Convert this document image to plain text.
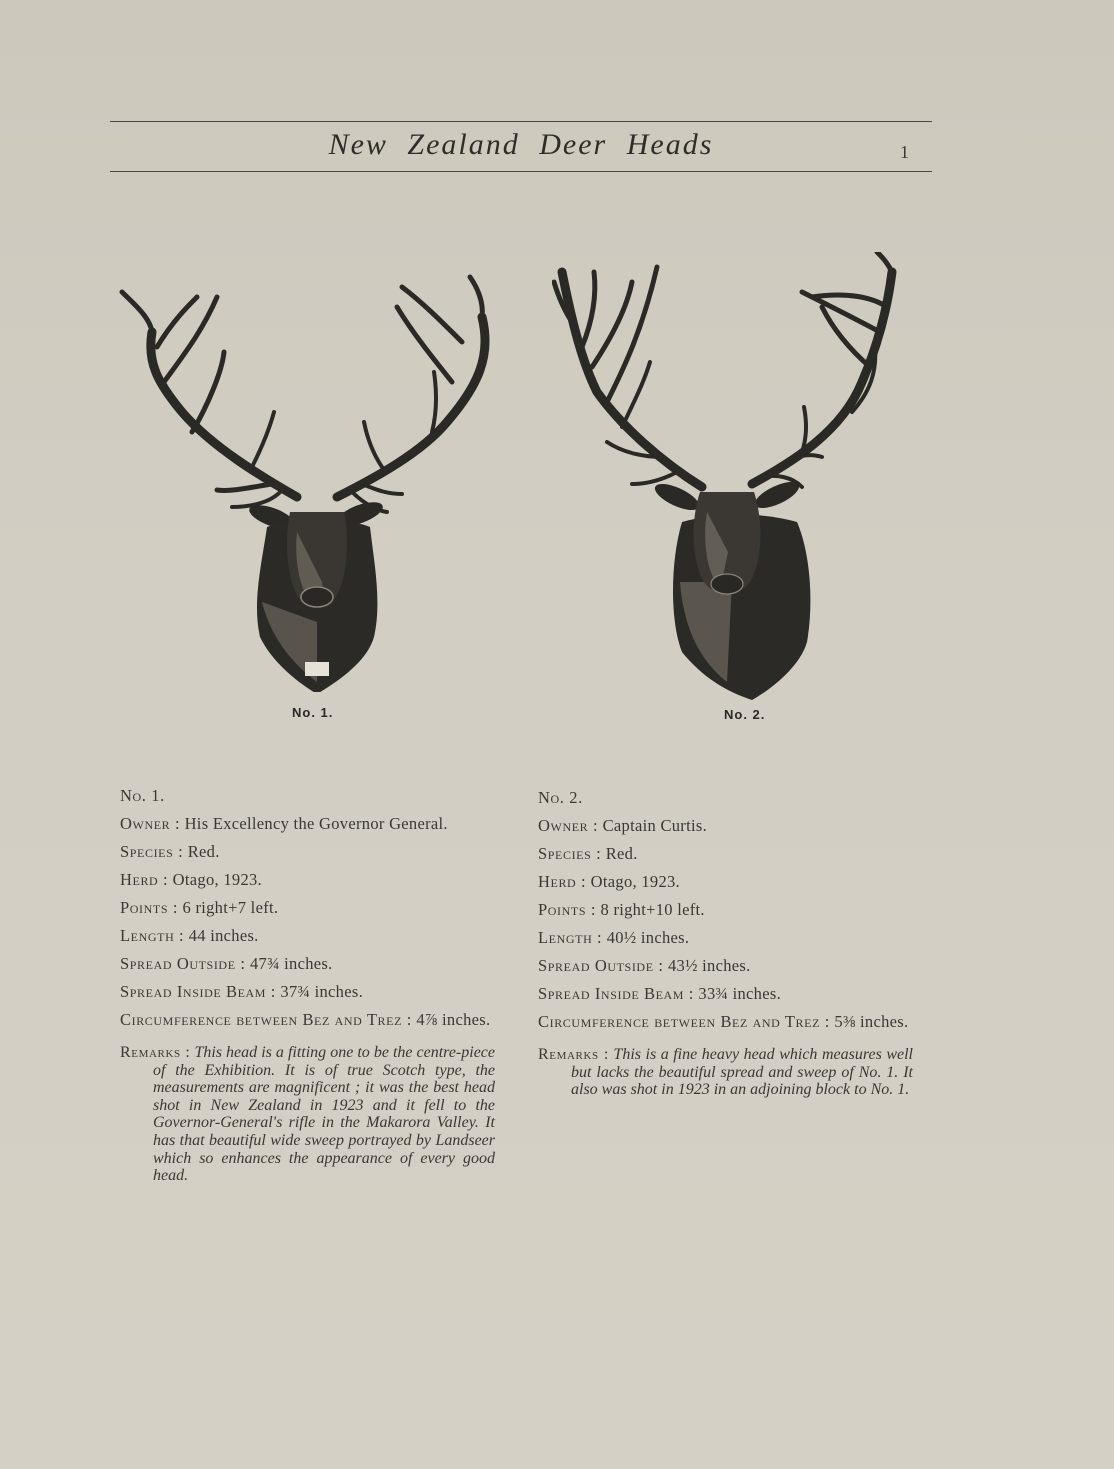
New Zealand Deer Heads	1
No. 1.	No. 2.
No. 1.
Owner : His Excellency the Governor General.
Species : Red.
Herd : Otago, 1923.
Points : 6 right+7 left.
Length : 44 inches.
Spread Outside : 47¾ inches.
Spread Inside Beam : 37¾ inches.
Circumference between Bez and Trez : 4⅞ inches.

Remarks : This head is a fitting one to be the centre-piece of the Exhibition. It is of true Scotch type, the measurements are magnificent ; it was the best head shot in New Zealand in 1923 and it fell to the Governor-General's rifle in the Makarora Valley. It has that beautiful wide sweep portrayed by Landseer which so enhances the appearance of every good head.

No. 2.
Owner : Captain Curtis.
Species : Red.
Herd : Otago, 1923.
Points : 8 right+10 left.
Length : 40½ inches.
Spread Outside : 43½ inches.
Spread Inside Beam : 33¾ inches.
Circumference between Bez and Trez : 5⅜ inches.

Remarks : This is a fine heavy head which measures well but lacks the beautiful spread and sweep of No. 1. It also was shot in 1923 in an adjoining block to No. 1.
